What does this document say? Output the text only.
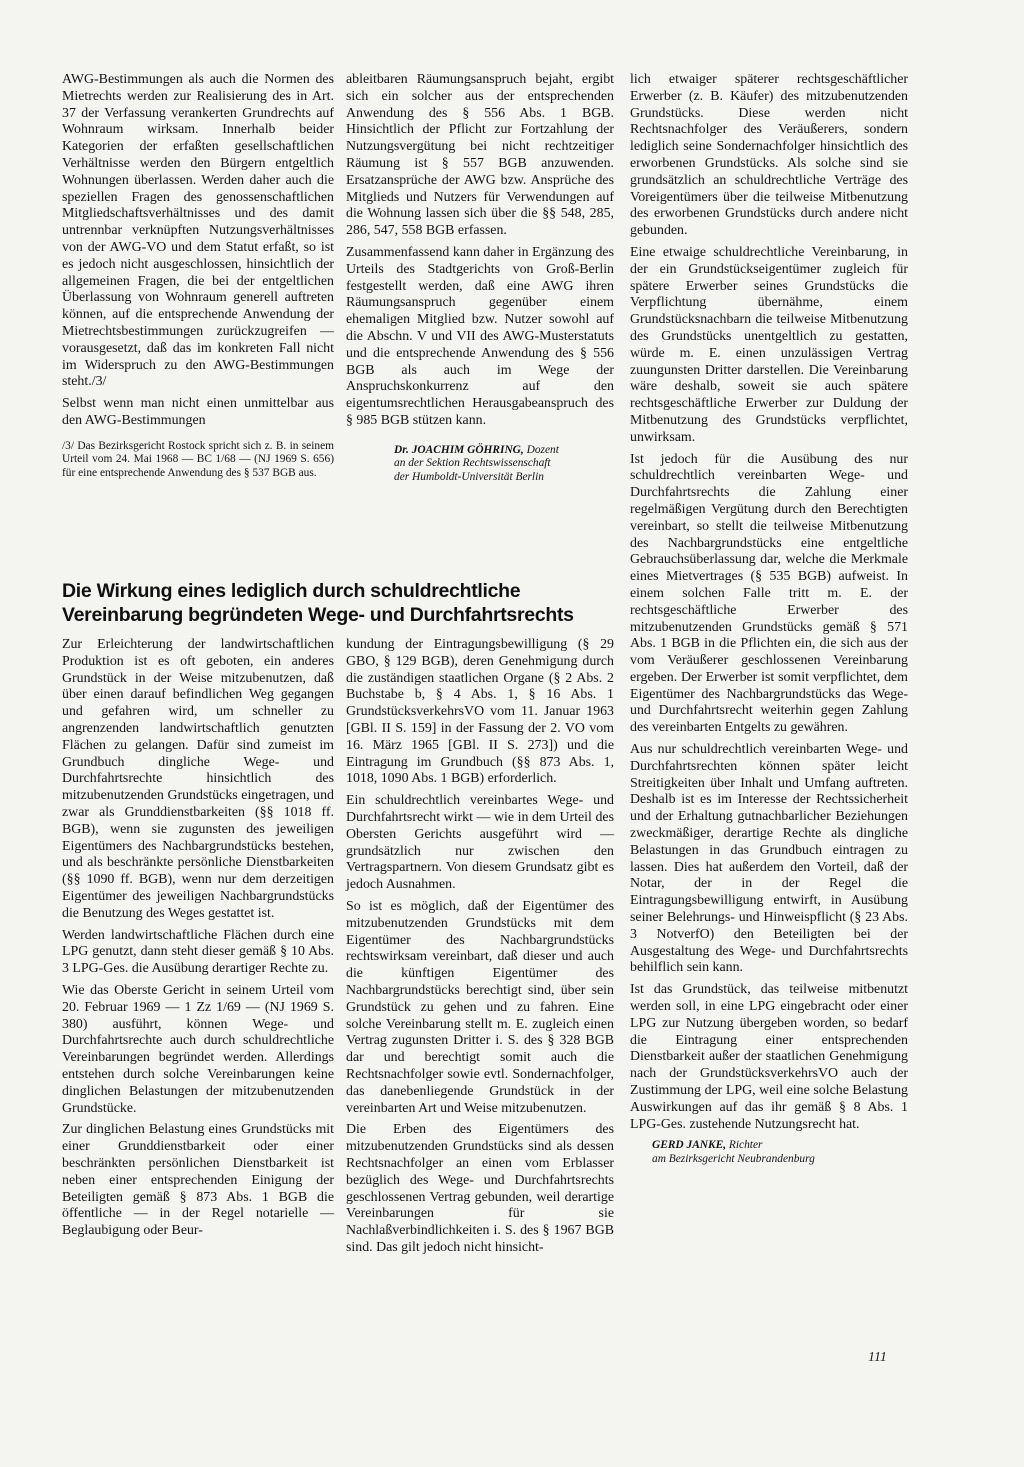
AWG-Bestimmungen als auch die Normen des Mietrechts werden zur Realisierung des in Art. 37 der Verfassung verankerten Grundrechts auf Wohnraum wirksam. Innerhalb beider Kategorien der erfaßten gesellschaftlichen Verhältnisse werden den Bürgern entgeltlich Wohnungen überlassen. Werden daher auch die speziellen Fragen des genossenschaftlichen Mitgliedschaftsverhältnisses und des damit untrennbar verknüpften Nutzungsverhältnisses von der AWG-VO und dem Statut erfaßt, so ist es jedoch nicht ausgeschlossen, hinsichtlich der allgemeinen Fragen, die bei der entgeltlichen Überlassung von Wohnraum generell auftreten können, auf die entsprechende Anwendung der Mietrechtsbestimmungen zurückzugreifen — vorausgesetzt, daß das im konkreten Fall nicht im Widerspruch zu den AWG-Bestimmungen steht./3/

Selbst wenn man nicht einen unmittelbar aus den AWG-Bestimmungen

/3/ Das Bezirksgericht Rostock spricht sich z. B. in seinem Urteil vom 24. Mai 1968 — BC 1/68 — (NJ 1969 S. 656) für eine entsprechende Anwendung des § 537 BGB aus.

ableitbaren Räumungsanspruch bejaht, ergibt sich ein solcher aus der entsprechenden Anwendung des § 556 Abs. 1 BGB. Hinsichtlich der Pflicht zur Fortzahlung der Nutzungsvergütung bei nicht rechtzeitiger Räumung ist § 557 BGB anzuwenden. Ersatzansprüche der AWG bzw. Ansprüche des Mitglieds und Nutzers für Verwendungen auf die Wohnung lassen sich über die §§ 548, 285, 286, 547, 558 BGB erfassen.

Zusammenfassend kann daher in Ergänzung des Urteils des Stadtgerichts von Groß-Berlin festgestellt werden, daß eine AWG ihren Räumungsanspruch gegenüber einem ehemaligen Mitglied bzw. Nutzer sowohl auf die Abschn. V und VII des AWG-Musterstatuts und die entsprechende Anwendung des § 556 BGB als auch im Wege der Anspruchskonkurrenz auf den eigentumsrechtlichen Herausgabeanspruch des § 985 BGB stützen kann.

Dr. JOACHIM GÖHRING, Dozent
an der Sektion Rechtswissenschaft
der Humboldt-Universität Berlin

lich etwaiger späterer rechtsgeschäftlicher Erwerber (z. B. Käufer) des mitzubenutzenden Grundstücks. Diese werden nicht Rechtsnachfolger des Veräußerers, sondern lediglich seine Sondernachfolger hinsichtlich des erworbenen Grundstücks. Als solche sind sie grundsätzlich an schuldrechtliche Verträge des Voreigentümers über die teilweise Mitbenutzung des erworbenen Grundstücks durch andere nicht gebunden.

Eine etwaige schuldrechtliche Vereinbarung, in der ein Grundstückseigentümer zugleich für spätere Erwerber seines Grundstücks die Verpflichtung übernähme, einem Grundstücksnachbarn die teilweise Mitbenutzung des Grundstücks unentgeltlich zu gestatten, würde m. E. einen unzulässigen Vertrag zuungunsten Dritter darstellen. Die Vereinbarung wäre deshalb, soweit sie auch spätere rechtsgeschäftliche Erwerber zur Duldung der Mitbenutzung des Grundstücks verpflichtet, unwirksam.

Ist jedoch für die Ausübung des nur schuldrechtlich vereinbarten Wege- und Durchfahrtsrechts die Zahlung einer regelmäßigen Vergütung durch den Berechtigten vereinbart, so stellt die teilweise Mitbenutzung des Nachbargrundstücks eine entgeltliche Gebrauchsüberlassung dar, welche die Merkmale eines Mietvertrages (§ 535 BGB) aufweist. In einem solchen Falle tritt m. E. der rechtsgeschäftliche Erwerber des mitzubenutzenden Grundstücks gemäß § 571 Abs. 1 BGB in die Pflichten ein, die sich aus der vom Veräußerer geschlossenen Vereinbarung ergeben. Der Erwerber ist somit verpflichtet, dem Eigentümer des Nachbargrundstücks das Wege- und Durchfahrtsrecht weiterhin gegen Zahlung des vereinbarten Entgelts zu gewähren.

Aus nur schuldrechtlich vereinbarten Wege- und Durchfahrtsrechten können später leicht Streitigkeiten über Inhalt und Umfang auftreten. Deshalb ist es im Interesse der Rechtssicherheit und der Erhaltung gutnachbarlicher Beziehungen zweckmäßiger, derartige Rechte als dingliche Belastungen in das Grundbuch eintragen zu lassen. Dies hat außerdem den Vorteil, daß der Notar, der in der Regel die Eintragungsbewilligung entwirft, in Ausübung seiner Belehrungs- und Hinweispflicht (§ 23 Abs. 3 NotverfO) den Beteiligten bei der Ausgestaltung des Wege- und Durchfahrtsrechts behilflich sein kann.

Ist das Grundstück, das teilweise mitbenutzt werden soll, in eine LPG eingebracht oder einer LPG zur Nutzung übergeben worden, so bedarf die Eintragung einer entsprechenden Dienstbarkeit außer der staatlichen Genehmigung nach der GrundstücksverkehrsVO auch der Zustimmung der LPG, weil eine solche Belastung Auswirkungen auf das ihr gemäß § 8 Abs. 1 LPG-Ges. zustehende Nutzungsrecht hat.

GERD JANKE, Richter
am Bezirksgericht Neubrandenburg

Die Wirkung eines lediglich durch schuldrechtliche
Vereinbarung begründeten Wege- und Durchfahrtsrechts

Zur Erleichterung der landwirtschaftlichen Produktion ist es oft geboten, ein anderes Grundstück in der Weise mitzubenutzen, daß über einen darauf befindlichen Weg gegangen und gefahren wird, um schneller zu angrenzenden landwirtschaftlich genutzten Flächen zu gelangen. Dafür sind zumeist im Grundbuch dingliche Wege- und Durchfahrtsrechte hinsichtlich des mitzubenutzenden Grundstücks eingetragen, und zwar als Grunddienstbarkeiten (§§ 1018 ff. BGB), wenn sie zugunsten des jeweiligen Eigentümers des Nachbargrundstücks bestehen, und als beschränkte persönliche Dienstbarkeiten (§§ 1090 ff. BGB), wenn nur dem derzeitigen Eigentümer des jeweiligen Nachbargrundstücks die Benutzung des Weges gestattet ist.

Werden landwirtschaftliche Flächen durch eine LPG genutzt, dann steht dieser gemäß § 10 Abs. 3 LPG-Ges. die Ausübung derartiger Rechte zu.

Wie das Oberste Gericht in seinem Urteil vom 20. Februar 1969 — 1 Zz 1/69 — (NJ 1969 S. 380) ausführt, können Wege- und Durchfahrtsrechte auch durch schuldrechtliche Vereinbarungen begründet werden. Allerdings entstehen durch solche Vereinbarungen keine dinglichen Belastungen der mitzubenutzenden Grundstücke.

Zur dinglichen Belastung eines Grundstücks mit einer Grunddienstbarkeit oder einer beschränkten persönlichen Dienstbarkeit ist neben einer entsprechenden Einigung der Beteiligten gemäß § 873 Abs. 1 BGB die öffentliche — in der Regel notarielle — Beglaubigung oder Beur-

kundung der Eintragungsbewilligung (§ 29 GBO, § 129 BGB), deren Genehmigung durch die zuständigen staatlichen Organe (§ 2 Abs. 2 Buchstabe b, § 4 Abs. 1, § 16 Abs. 1 GrundstücksverkehrsVO vom 11. Januar 1963 [GBl. II S. 159] in der Fassung der 2. VO vom 16. März 1965 [GBl. II S. 273]) und die Eintragung im Grundbuch (§§ 873 Abs. 1, 1018, 1090 Abs. 1 BGB) erforderlich.

Ein schuldrechtlich vereinbartes Wege- und Durchfahrtsrecht wirkt — wie in dem Urteil des Obersten Gerichts ausgeführt wird — grundsätzlich nur zwischen den Vertragspartnern. Von diesem Grundsatz gibt es jedoch Ausnahmen.

So ist es möglich, daß der Eigentümer des mitzubenutzenden Grundstücks mit dem Eigentümer des Nachbargrundstücks rechtswirksam vereinbart, daß dieser und auch die künftigen Eigentümer des Nachbargrundstücks berechtigt sind, über sein Grundstück zu gehen und zu fahren. Eine solche Vereinbarung stellt m. E. zugleich einen Vertrag zugunsten Dritter i. S. des § 328 BGB dar und berechtigt somit auch die Rechtsnachfolger sowie evtl. Sondernachfolger, das danebenliegende Grundstück in der vereinbarten Art und Weise mitzubenutzen.

Die Erben des Eigentümers des mitzubenutzenden Grundstücks sind als dessen Rechtsnachfolger an einen vom Erblasser bezüglich des Wege- und Durchfahrtsrechts geschlossenen Vertrag gebunden, weil derartige Vereinbarungen für sie Nachlaßverbindlichkeiten i. S. des § 1967 BGB sind. Das gilt jedoch nicht hinsicht-

111
